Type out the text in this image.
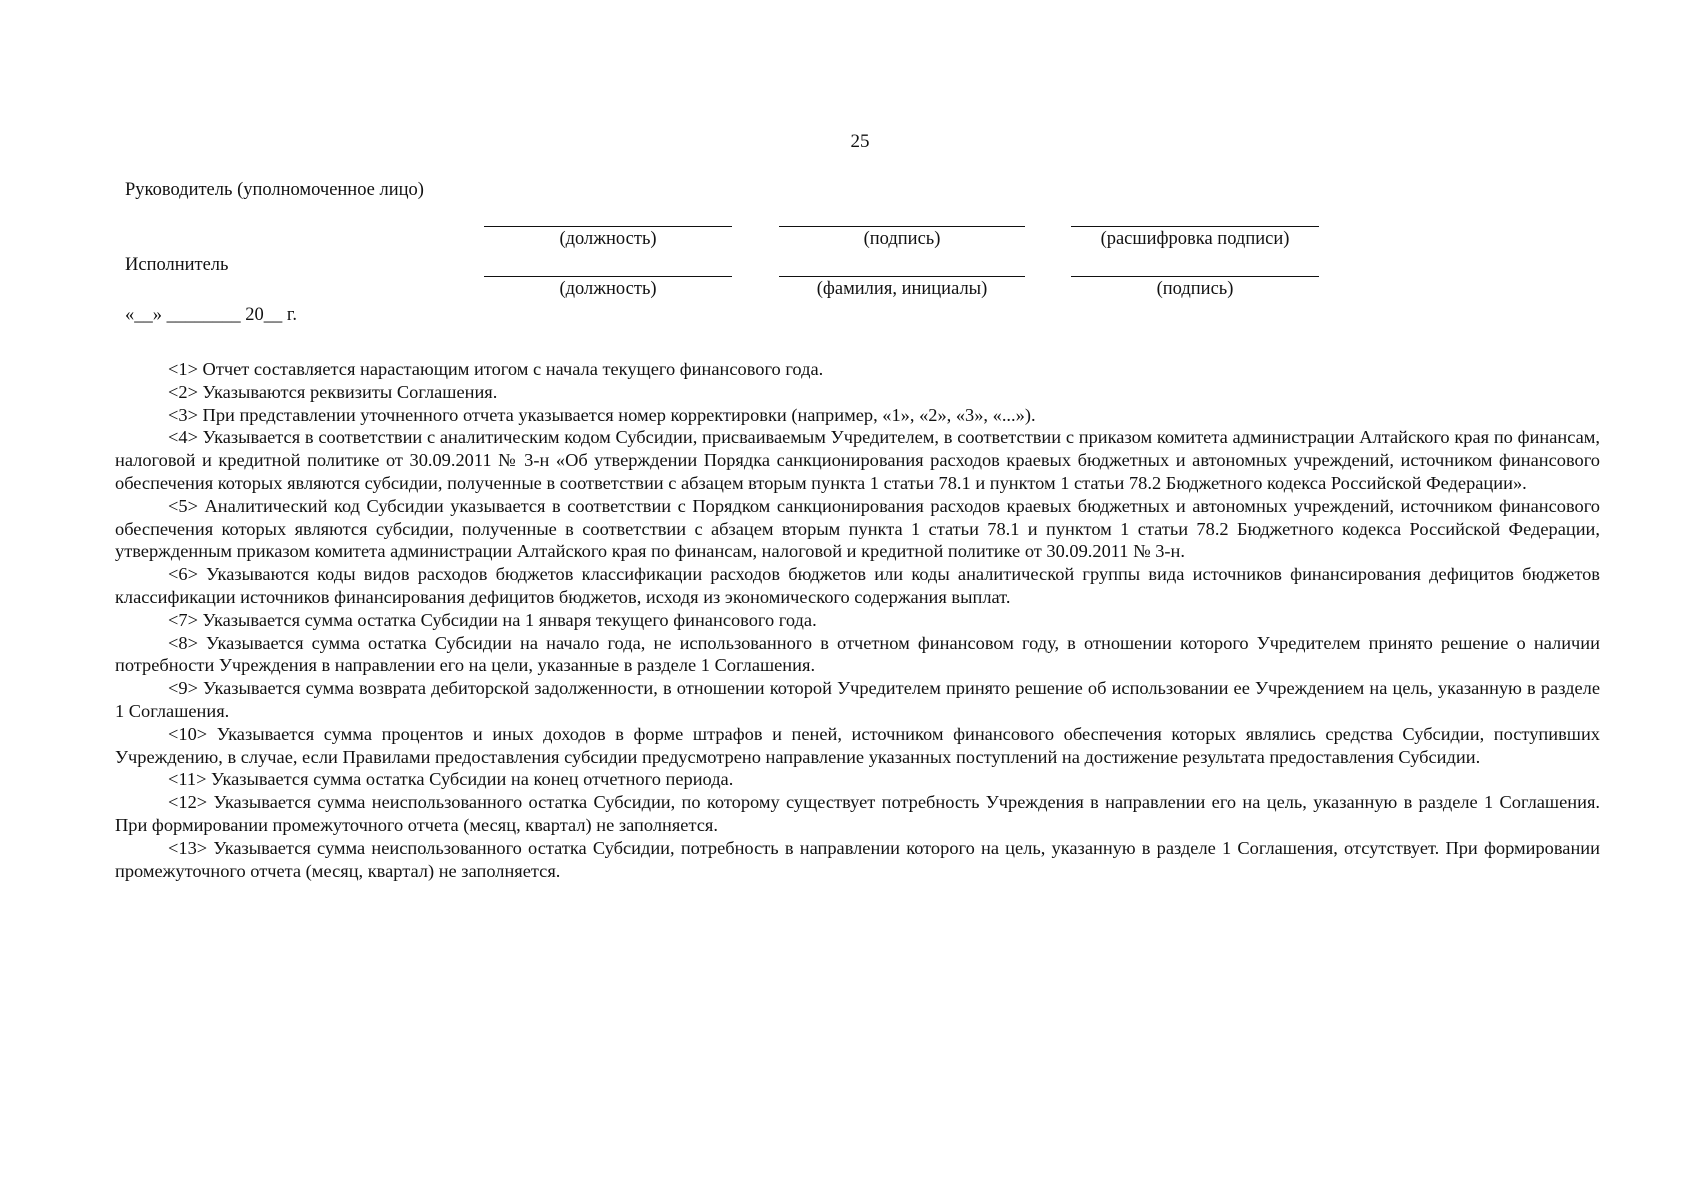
25
Руководитель (уполномоченное лицо)
(должность)	(подпись)	(расшифровка подписи)
Исполнитель
(должность)	(фамилия, инициалы)	(подпись)
«__» ________ 20__ г.

<1> Отчет составляется нарастающим итогом с начала текущего финансового года.

<2> Указываются реквизиты Соглашения.

<3> При представлении уточненного отчета указывается номер корректировки (например, «1», «2», «3», «...»).

<4> Указывается в соответствии с аналитическим кодом Субсидии, присваиваемым Учредителем, в соответствии с приказом комитета администрации Алтайского края по финансам, налоговой и кредитной политике от 30.09.2011 № 3-н «Об утверждении Порядка санкционирования расходов краевых бюджетных и автономных учреждений, источником финансового обеспечения которых являются субсидии, полученные в соответствии с абзацем вторым пункта 1 статьи 78.1 и пунктом 1 статьи 78.2 Бюджетного кодекса Российской Федерации».

<5> Аналитический код Субсидии указывается в соответствии с Порядком санкционирования расходов краевых бюджетных и автономных учреждений, источником финансового обеспечения которых являются субсидии, полученные в соответствии с абзацем вторым пункта 1 статьи 78.1 и пунктом 1 статьи 78.2 Бюджетного кодекса Российской Федерации, утвержденным приказом комитета администрации Алтайского края по финансам, налоговой и кредитной политике от 30.09.2011 № 3-н.

<6> Указываются коды видов расходов бюджетов классификации расходов бюджетов или коды аналитической группы вида источников финансирования дефицитов бюджетов классификации источников финансирования дефицитов бюджетов, исходя из экономического содержания выплат.

<7> Указывается сумма остатка Субсидии на 1 января текущего финансового года.

<8> Указывается сумма остатка Субсидии на начало года, не использованного в отчетном финансовом году, в отношении которого Учредителем принято решение о наличии потребности Учреждения в направлении его на цели, указанные в разделе 1 Соглашения.

<9> Указывается сумма возврата дебиторской задолженности, в отношении которой Учредителем принято решение об использовании ее Учреждением на цель, указанную в разделе 1 Соглашения.

<10> Указывается сумма процентов и иных доходов в форме штрафов и пеней, источником финансового обеспечения которых являлись средства Субсидии, поступивших Учреждению, в случае, если Правилами предоставления субсидии предусмотрено направление указанных поступлений на достижение результата предоставления Субсидии.

<11> Указывается сумма остатка Субсидии на конец отчетного периода.

<12> Указывается сумма неиспользованного остатка Субсидии, по которому существует потребность Учреждения в направлении его на цель, указанную в разделе 1 Соглашения. При формировании промежуточного отчета (месяц, квартал) не заполняется.

<13> Указывается сумма неиспользованного остатка Субсидии, потребность в направлении которого на цель, указанную в разделе 1 Соглашения, отсутствует. При формировании промежуточного отчета (месяц, квартал) не заполняется.
